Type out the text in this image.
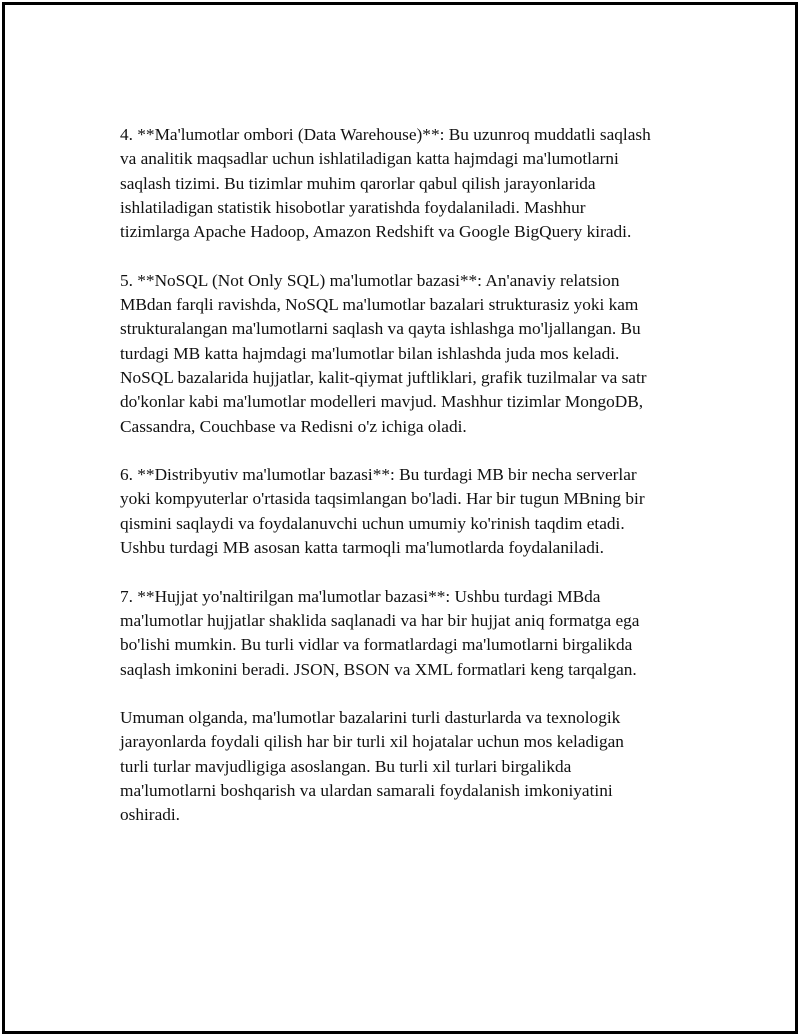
4. **Ma'lumotlar ombori (Data Warehouse)**: Bu uzunroq muddatli saqlash
va analitik maqsadlar uchun ishlatiladigan katta hajmdagi ma'lumotlarni
saqlash tizimi. Bu tizimlar muhim qarorlar qabul qilish jarayonlarida
ishlatiladigan statistik hisobotlar yaratishda foydalaniladi. Mashhur
tizimlarga Apache Hadoop, Amazon Redshift va Google BigQuery kiradi.

5. **NoSQL (Not Only SQL) ma'lumotlar bazasi**: An'anaviy relatsion
MBdan farqli ravishda, NoSQL ma'lumotlar bazalari strukturasiz yoki kam
strukturalangan ma'lumotlarni saqlash va qayta ishlashga mo'ljallangan. Bu
turdagi MB katta hajmdagi ma'lumotlar bilan ishlashda juda mos keladi.
NoSQL bazalarida hujjatlar, kalit-qiymat juftliklari, grafik tuzilmalar va satr
do'konlar kabi ma'lumotlar modelleri mavjud. Mashhur tizimlar MongoDB,
Cassandra, Couchbase va Redisni o'z ichiga oladi.

6. **Distribyutiv ma'lumotlar bazasi**: Bu turdagi MB bir necha serverlar
yoki kompyuterlar o'rtasida taqsimlangan bo'ladi. Har bir tugun MBning bir
qismini saqlaydi va foydalanuvchi uchun umumiy ko'rinish taqdim etadi.
Ushbu turdagi MB asosan katta tarmoqli ma'lumotlarda foydalaniladi.

7. **Hujjat yo'naltirilgan ma'lumotlar bazasi**: Ushbu turdagi MBda
ma'lumotlar hujjatlar shaklida saqlanadi va har bir hujjat aniq formatga ega
bo'lishi mumkin. Bu turli vidlar va formatlardagi ma'lumotlarni birgalikda
saqlash imkonini beradi. JSON, BSON va XML formatlari keng tarqalgan.

Umuman olganda, ma'lumotlar bazalarini turli dasturlarda va texnologik
jarayonlarda foydali qilish har bir turli xil hojatalar uchun mos keladigan
turli turlar mavjudligiga asoslangan. Bu turli xil turlari birgalikda
ma'lumotlarni boshqarish va ulardan samarali foydalanish imkoniyatini
oshiradi.
